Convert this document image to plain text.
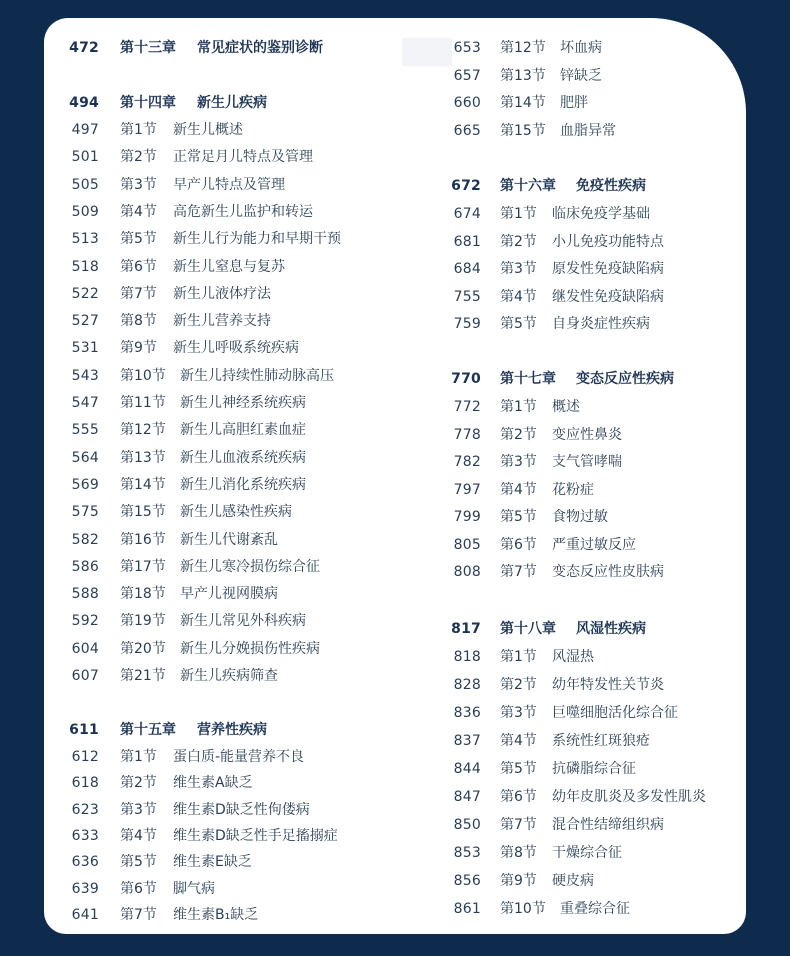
472 第十三章 常见症状的鉴别诊断
494 第十四章 新生儿疾病
497 第1节 新生儿概述
501 第2节 正常足月儿特点及管理
505 第3节 早产儿特点及管理
509 第4节 高危新生儿监护和转运
513 第5节 新生儿行为能力和早期干预
518 第6节 新生儿窒息与复苏
522 第7节 新生儿液体疗法
527 第8节 新生儿营养支持
531 第9节 新生儿呼吸系统疾病
543 第10节 新生儿持续性肺动脉高压
547 第11节 新生儿神经系统疾病
555 第12节 新生儿高胆红素血症
564 第13节 新生儿血液系统疾病
569 第14节 新生儿消化系统疾病
575 第15节 新生儿感染性疾病
582 第16节 新生儿代谢紊乱
586 第17节 新生儿寒冷损伤综合征
588 第18节 早产儿视网膜病
592 第19节 新生儿常见外科疾病
604 第20节 新生儿分娩损伤性疾病
607 第21节 新生儿疾病筛查
611 第十五章 营养性疾病
612 第1节 蛋白质-能量营养不良
618 第2节 维生素A缺乏
623 第3节 维生素D缺乏性佝偻病
633 第4节 维生素D缺乏性手足搐搦症
636 第5节 维生素E缺乏
639 第6节 脚气病
641 第7节 维生素B₁缺乏
653 第12节 坏血病
657 第13节 锌缺乏
660 第14节 肥胖
665 第15节 血脂异常
672 第十六章 免疫性疾病
674 第1节 临床免疫学基础
681 第2节 小儿免疫功能特点
684 第3节 原发性免疫缺陷病
755 第4节 继发性免疫缺陷病
759 第5节 自身炎症性疾病
770 第十七章 变态反应性疾病
772 第1节 概述
778 第2节 变应性鼻炎
782 第3节 支气管哮喘
797 第4节 花粉症
799 第5节 食物过敏
805 第6节 严重过敏反应
808 第7节 变态反应性皮肤病
817 第十八章 风湿性疾病
818 第1节 风湿热
828 第2节 幼年特发性关节炎
836 第3节 巨噬细胞活化综合征
837 第4节 系统性红斑狼疮
844 第5节 抗磷脂综合征
847 第6节 幼年皮肌炎及多发性肌炎
850 第7节 混合性结缔组织病
853 第8节 干燥综合征
856 第9节 硬皮病
861 第10节 重叠综合征
